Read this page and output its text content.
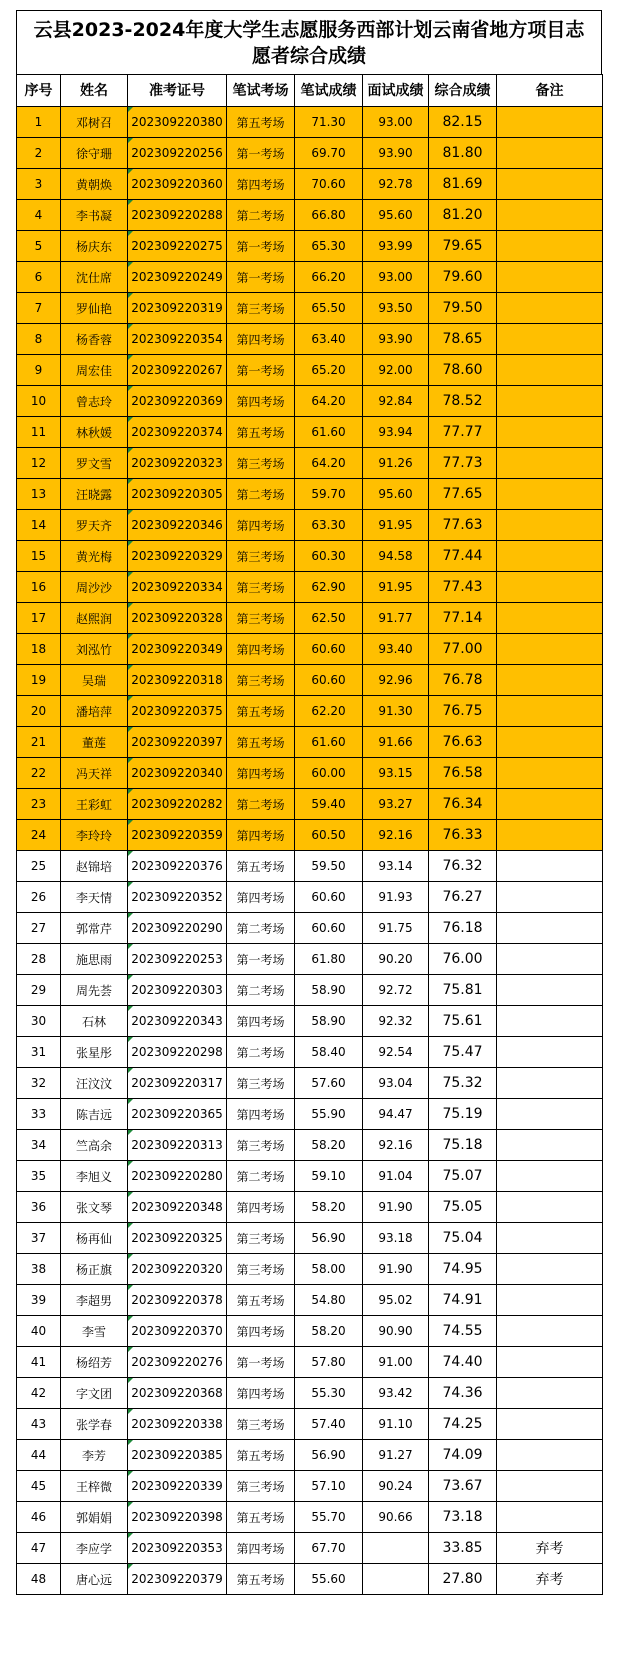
云县2023-2024年度大学生志愿服务西部计划云南省地方项目志愿者综合成绩
序号	姓名	准考证号	笔试考场	笔试成绩	面试成绩	综合成绩	备注
1	邓树召	202309220380	第五考场	71.30	93.00	82.15	
2	徐守珊	202309220256	第一考场	69.70	93.90	81.80	
3	黄朝焕	202309220360	第四考场	70.60	92.78	81.69	
4	李书凝	202309220288	第二考场	66.80	95.60	81.20	
5	杨庆东	202309220275	第一考场	65.30	93.99	79.65	
6	沈仕席	202309220249	第一考场	66.20	93.00	79.60	
7	罗仙艳	202309220319	第三考场	65.50	93.50	79.50	
8	杨香蓉	202309220354	第四考场	63.40	93.90	78.65	
9	周宏佳	202309220267	第一考场	65.20	92.00	78.60	
10	曾志玲	202309220369	第四考场	64.20	92.84	78.52	
11	林秋媛	202309220374	第五考场	61.60	93.94	77.77	
12	罗文雪	202309220323	第三考场	64.20	91.26	77.73	
13	汪晓露	202309220305	第二考场	59.70	95.60	77.65	
14	罗天齐	202309220346	第四考场	63.30	91.95	77.63	
15	黄光梅	202309220329	第三考场	60.30	94.58	77.44	
16	周沙沙	202309220334	第三考场	62.90	91.95	77.43	
17	赵熙润	202309220328	第三考场	62.50	91.77	77.14	
18	刘泓竹	202309220349	第四考场	60.60	93.40	77.00	
19	吴瑞	202309220318	第三考场	60.60	92.96	76.78	
20	潘培萍	202309220375	第五考场	62.20	91.30	76.75	
21	董莲	202309220397	第五考场	61.60	91.66	76.63	
22	冯天祥	202309220340	第四考场	60.00	93.15	76.58	
23	王彩虹	202309220282	第二考场	59.40	93.27	76.34	
24	李玲玲	202309220359	第四考场	60.50	92.16	76.33	
25	赵锦培	202309220376	第五考场	59.50	93.14	76.32	
26	李天情	202309220352	第四考场	60.60	91.93	76.27	
27	郭常芹	202309220290	第二考场	60.60	91.75	76.18	
28	施思雨	202309220253	第一考场	61.80	90.20	76.00	
29	周先荟	202309220303	第二考场	58.90	92.72	75.81	
30	石林	202309220343	第四考场	58.90	92.32	75.61	
31	张星彤	202309220298	第二考场	58.40	92.54	75.47	
32	汪汶汶	202309220317	第三考场	57.60	93.04	75.32	
33	陈吉远	202309220365	第四考场	55.90	94.47	75.19	
34	竺高余	202309220313	第三考场	58.20	92.16	75.18	
35	李旭义	202309220280	第二考场	59.10	91.04	75.07	
36	张文琴	202309220348	第四考场	58.20	91.90	75.05	
37	杨再仙	202309220325	第三考场	56.90	93.18	75.04	
38	杨正旗	202309220320	第三考场	58.00	91.90	74.95	
39	李超男	202309220378	第五考场	54.80	95.02	74.91	
40	李雪	202309220370	第四考场	58.20	90.90	74.55	
41	杨绍芳	202309220276	第一考场	57.80	91.00	74.40	
42	字文团	202309220368	第四考场	55.30	93.42	74.36	
43	张学春	202309220338	第三考场	57.40	91.10	74.25	
44	李芳	202309220385	第五考场	56.90	91.27	74.09	
45	王梓微	202309220339	第三考场	57.10	90.24	73.67	
46	郭娟娟	202309220398	第五考场	55.70	90.66	73.18	
47	李应学	202309220353	第四考场	67.70		33.85	弃考
48	唐心远	202309220379	第五考场	55.60		27.80	弃考
